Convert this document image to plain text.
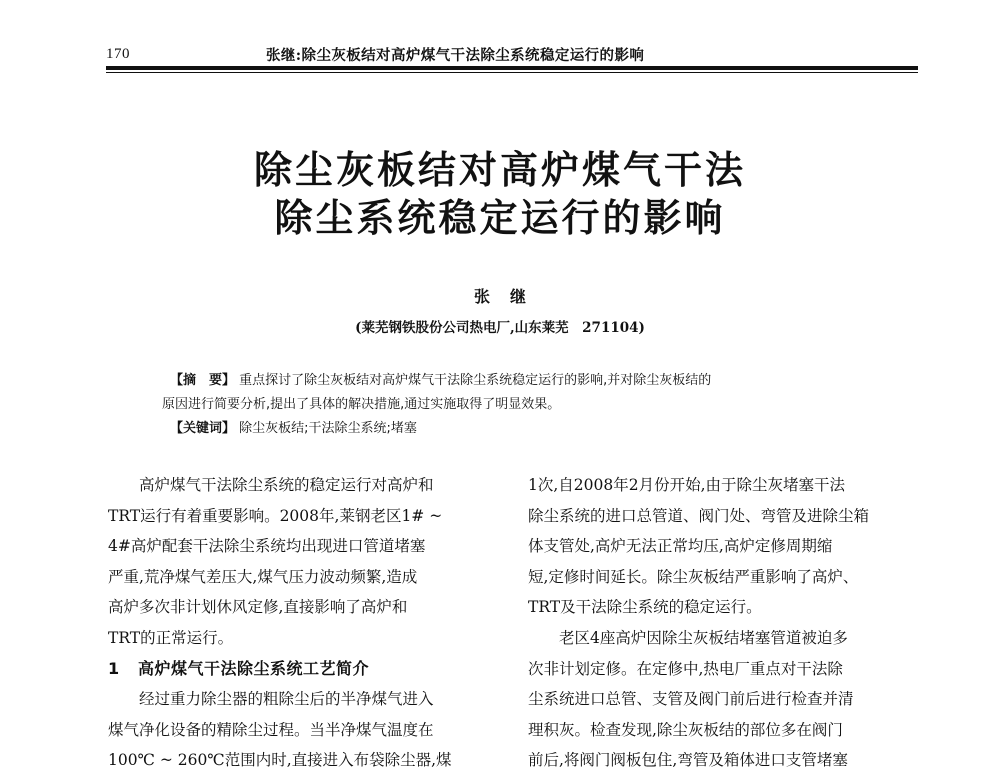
170	张继:除尘灰板结对高炉煤气干法除尘系统稳定运行的影响
除尘灰板结对高炉煤气干法
除尘系统稳定运行的影响
张继
(莱芜钢铁股份公司热电厂,山东莱芜　271104)
【摘　要】 重点探讨了除尘灰板结对高炉煤气干法除尘系统稳定运行的影响,并对除尘灰板结的
原因进行简要分析,提出了具体的解决措施,通过实施取得了明显效果。
【关键词】 除尘灰板结;干法除尘系统;堵塞

高炉煤气干法除尘系统的稳定运行对高炉和

TRT运行有着重要影响。2008年,莱钢老区1# ~

4#高炉配套干法除尘系统均出现进口管道堵塞

严重,荒净煤气差压大,煤气压力波动频繁,造成

高炉多次非计划休风定修,直接影响了高炉和

TRT的正常运行。

1 高炉煤气干法除尘系统工艺简介

经过重力除尘器的粗除尘后的半净煤气进入

煤气净化设备的精除尘过程。当半净煤气温度在

100℃ ~ 260℃范围内时,直接进入布袋除尘器,煤

1次,自2008年2月份开始,由于除尘灰堵塞干法

除尘系统的进口总管道、阀门处、弯管及进除尘箱

体支管处,高炉无法正常均压,高炉定修周期缩

短,定修时间延长。除尘灰板结严重影响了高炉、

TRT及干法除尘系统的稳定运行。

老区4座高炉因除尘灰板结堵塞管道被迫多

次非计划定修。在定修中,热电厂重点对干法除

尘系统进口总管、支管及阀门前后进行检查并清

理积灰。检查发现,除尘灰板结的部位多在阀门

前后,将阀门阀板包住,弯管及箱体进口支管堵塞
